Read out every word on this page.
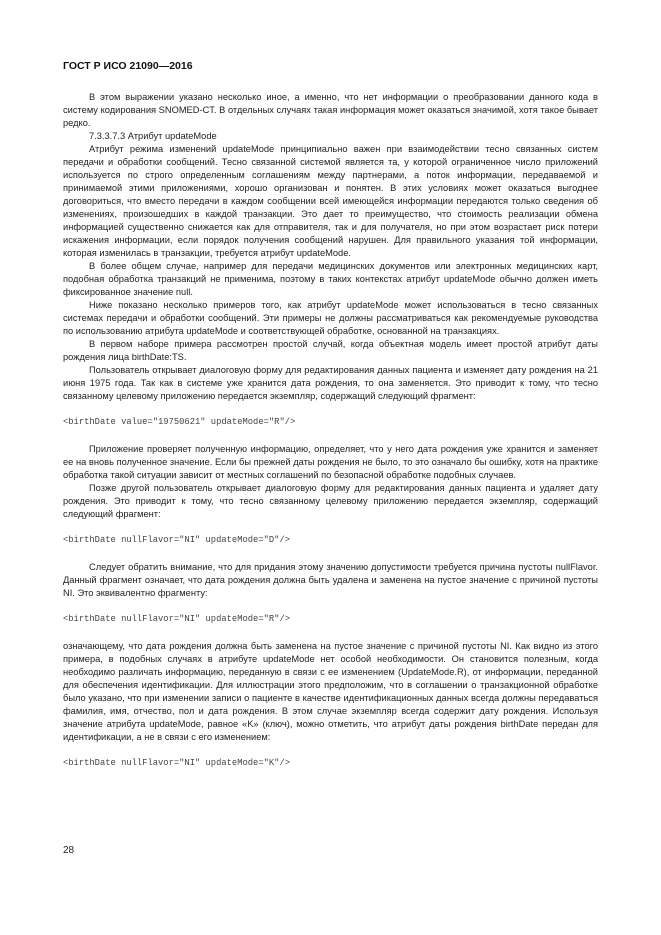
ГОСТ Р ИСО 21090—2016

В этом выражении указано несколько иное, а именно, что нет информации о преобразовании данного кода в систему кодирования SNOMED-CT. В отдельных случаях такая информация может оказаться значимой, хотя такое бывает редко.

7.3.3.7.3 Атрибут updateMode

Атрибут режима изменений updateMode принципиально важен при взаимодействии тесно связанных систем передачи и обработки сообщений. Тесно связанной системой является та, у которой ограниченное число приложений используется по строго определенным соглашениям между партнерами, а поток информации, передаваемой и принимаемой этими приложениями, хорошо организован и понятен. В этих условиях может оказаться выгоднее договориться, что вместо передачи в каждом сообщении всей имеющейся информации передаются только сведения об изменениях, произошедших в каждой транзакции. Это дает то преимущество, что стоимость реализации обмена информацией существенно снижается как для отправителя, так и для получателя, но при этом возрастает риск потери искажения информации, если порядок получения сообщений нарушен. Для правильного указания той информации, которая изменилась в транзакции, требуется атрибут updateMode.

В более общем случае, например для передачи медицинских документов или электронных медицинских карт, подобная обработка транзакций не применима, поэтому в таких контекстах атрибут updateMode обычно должен иметь фиксированное значение null.

Ниже показано несколько примеров того, как атрибут updateMode может использоваться в тесно связанных системах передачи и обработки сообщений. Эти примеры не должны рассматриваться как рекомендуемые руководства по использованию атрибута updateMode и соответствующей обработке, основанной на транзакциях.

В первом наборе примера рассмотрен простой случай, когда объектная модель имеет простой атрибут даты рождения лица birthDate:TS.

Пользователь открывает диалоговую форму для редактирования данных пациента и изменяет дату рождения на 21 июня 1975 года. Так как в системе уже хранится дата рождения, то она заменяется. Это приводит к тому, что тесно связанному целевому приложению передается экземпляр, содержащий следующий фрагмент:

<birthDate value="19750621" updateMode="R"/>

Приложение проверяет полученную информацию, определяет, что у него дата рождения уже хранится и заменяет ее на вновь полученное значение. Если бы прежней даты рождения не было, то это означало бы ошибку, хотя на практике обработка такой ситуации зависит от местных соглашений по безопасной обработке подобных случаев.

Позже другой пользователь открывает диалоговую форму для редактирования данных пациента и удаляет дату рождения. Это приводит к тому, что тесно связанному целевому приложению передается экземпляр, содержащий следующий фрагмент:

<birthDate nullFlavor="NI" updateMode="D"/>

Следует обратить внимание, что для придания этому значению допустимости требуется причина пустоты nullFlavor. Данный фрагмент означает, что дата рождения должна быть удалена и заменена на пустое значение с причиной пустоты NI. Это эквивалентно фрагменту:

<birthDate nullFlavor="NI" updateMode="R"/>

означающему, что дата рождения должна быть заменена на пустое значение с причиной пустоты NI. Как видно из этого примера, в подобных случаях в атрибуте updateMode нет особой необходимости. Он становится полезным, когда необходимо различать информацию, переданную в связи с ее изменением (UpdateMode.R), от информации, переданной для обеспечения идентификации. Для иллюстрации этого предположим, что в соглашении о транзакционной обработке было указано, что при изменении записи о пациенте в качестве идентификационных данных всегда должны передаваться фамилия, имя, отчество, пол и дата рождения. В этом случае экземпляр всегда содержит дату рождения. Используя значение атрибута updateMode, равное «K» (ключ), можно отметить, что атрибут даты рождения birthDate передан для идентификации, а не в связи с его изменением:

<birthDate nullFlavor="NI" updateMode="K"/>
28
